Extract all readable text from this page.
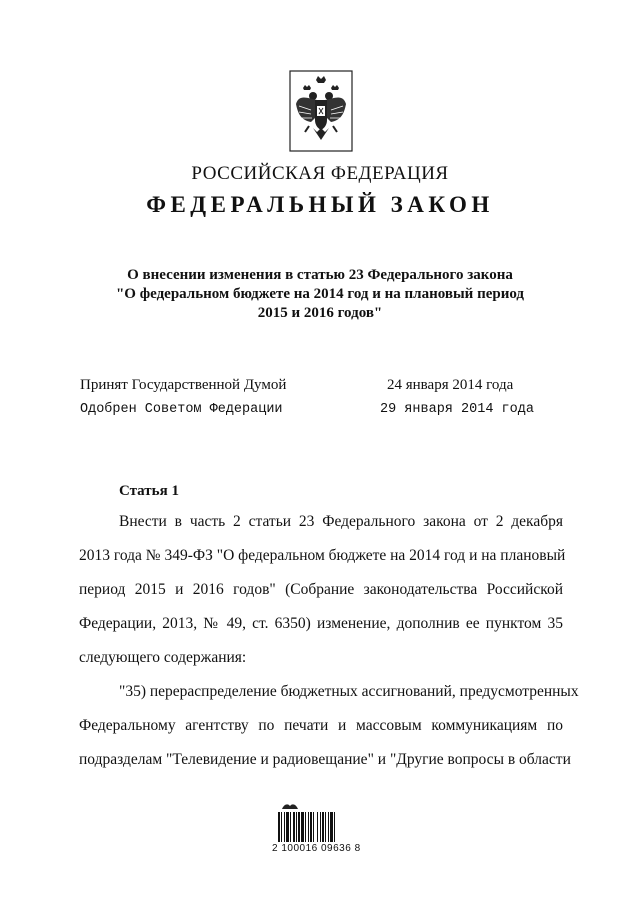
РОССИЙСКАЯ ФЕДЕРАЦИЯ
ФЕДЕРАЛЬНЫЙ ЗАКОН
О внесении изменения в статью 23 Федерального закона
"О федеральном бюджете на 2014 год и на плановый период
2015 и 2016 годов"
Принят Государственной Думой	24 января 2014 года
Одобрен Советом Федерации	29 января 2014 года
Статья 1
Внести в часть 2 статьи 23 Федерального закона от 2 декабря
2013 года № 349-ФЗ "О федеральном бюджете на 2014 год и на плановый
период 2015 и 2016 годов" (Собрание законодательства Российской
Федерации, 2013, № 49, ст. 6350) изменение, дополнив ее пунктом 35
следующего содержания:
"35) перераспределение бюджетных ассигнований, предусмотренных
Федеральному агентству по печати и массовым коммуникациям по
подразделам "Телевидение и радиовещание" и "Другие вопросы в области
2 100016 09636 8
